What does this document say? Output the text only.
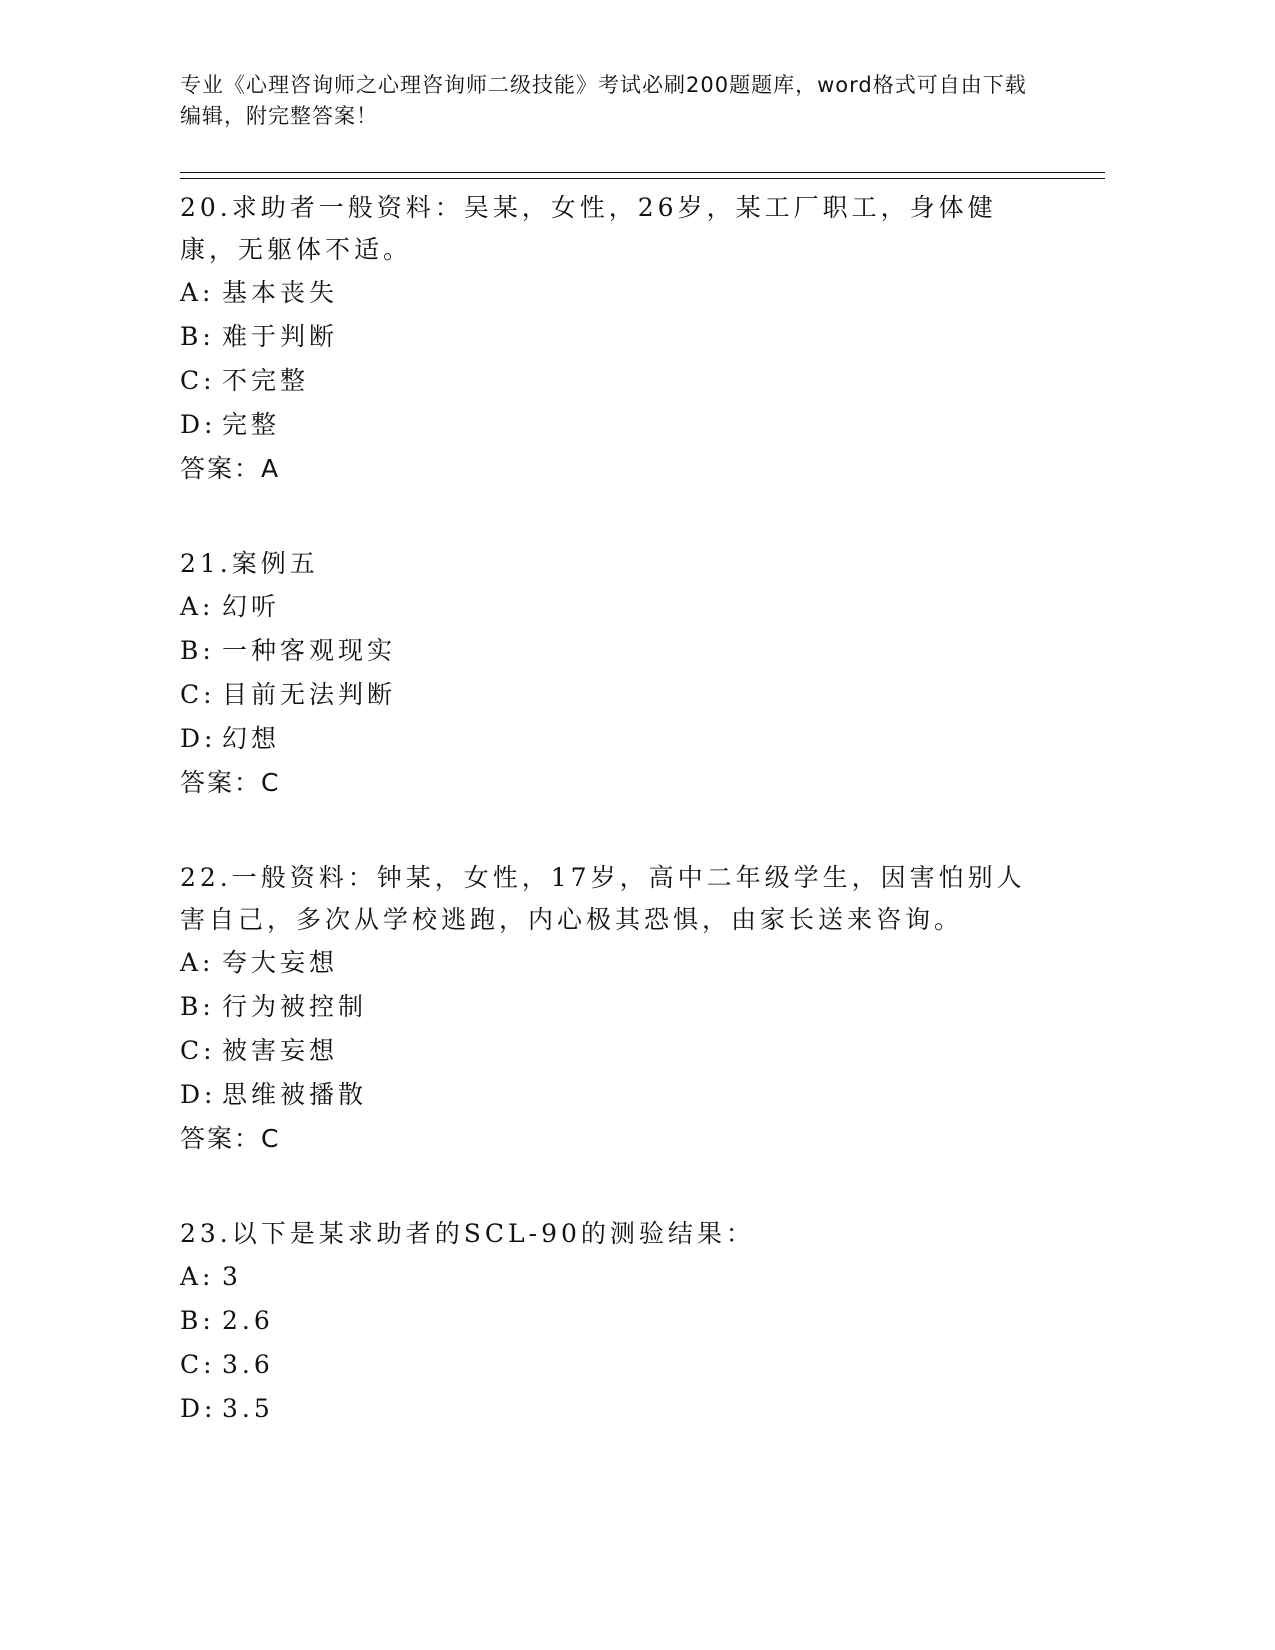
专业《心理咨询师之心理咨询师二级技能》考试必刷200题题库，word格式可自由下载编辑，附完整答案！

20.求助者一般资料：吴某，女性，26岁，某工厂职工，身体健康，无躯体不适。

A: 基本丧失
B: 难于判断
C: 不完整
D: 完整
答案：A

21.案例五

A: 幻听
B: 一种客观现实
C: 目前无法判断
D: 幻想
答案：C

22.一般资料：钟某，女性，17岁，高中二年级学生，因害怕别人害自己，多次从学校逃跑，内心极其恐惧，由家长送来咨询。

A: 夸大妄想
B: 行为被控制
C: 被害妄想
D: 思维被播散
答案：C

23.以下是某求助者的SCL-90的测验结果：

A: 3
B: 2.6
C: 3.6
D: 3.5
